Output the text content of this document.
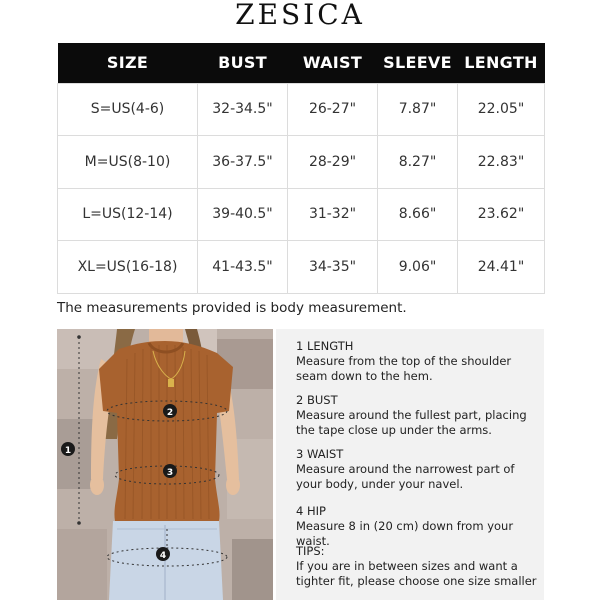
ZESICA
SIZE	BUST	WAIST	SLEEVE	LENGTH
S=US(4-6)	32-34.5"	26-27"	7.87"	22.05"
M=US(8-10)	36-37.5"	28-29"	8.27"	22.83"
L=US(12-14)	39-40.5"	31-32"	8.66"	23.62"
XL=US(16-18)	41-43.5"	34-35"	9.06"	24.41"
The measurements provided is body measurement.
1
2
3
4
1 LENGTH
Measure from the top of the shoulder seam down to the hem.
2 BUST
Measure around the fullest part, placing the tape close up under the arms.
3 WAIST
Measure around the narrowest part of your body, under your navel.
4 HIP
Measure 8 in (20 cm) down from your waist.
TIPS:
If you are in between sizes and want a tighter fit, please choose one size smaller
